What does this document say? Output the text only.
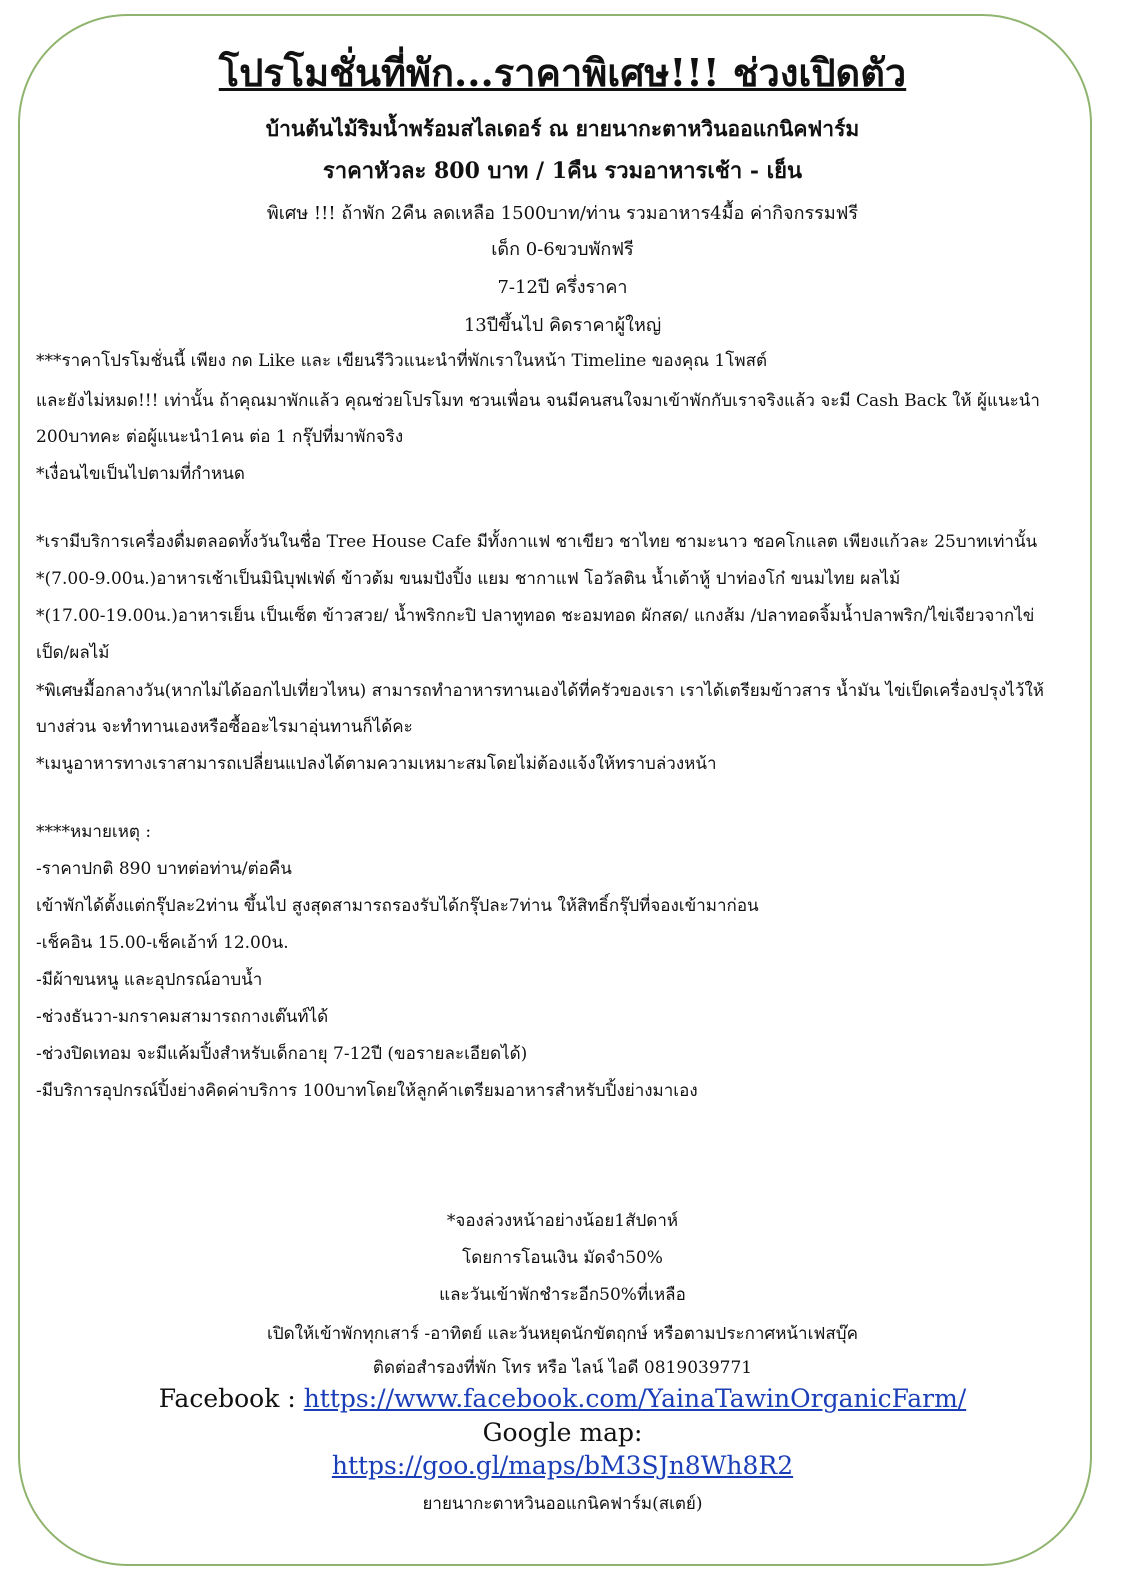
โปรโมชั่นที่พัก...ราคาพิเศษ!!! ช่วงเปิดตัว
บ้านต้นไม้ริมน้ำพร้อมสไลเดอร์ ณ ยายนากะตาหวินออแกนิคฟาร์ม
ราคาหัวละ 800 บาท / 1คืน รวมอาหารเช้า - เย็น
พิเศษ !!! ถ้าพัก 2คืน ลดเหลือ 1500บาท/ท่าน รวมอาหาร4มื้อ ค่ากิจกรรมฟรี
เด็ก 0-6ขวบพักฟรี
7-12ปี ครึ่งราคา
13ปีขึ้นไป คิดราคาผู้ใหญ่
***ราคาโปรโมชั่นนี้ เพียง กด Like และ เขียนรีวิวแนะนำที่พักเราในหน้า Timeline ของคุณ 1โพสต์
และยังไม่หมด!!! เท่านั้น ถ้าคุณมาพักแล้ว คุณช่วยโปรโมท ชวนเพื่อน จนมีคนสนใจมาเข้าพักกับเราจริงแล้ว จะมี Cash Back ให้ ผู้แนะนำ
200บาทคะ ต่อผู้แนะนำ1คน ต่อ 1 กรุ๊ปที่มาพักจริง
*เงื่อนไขเป็นไปตามที่กำหนด
*เรามีบริการเครื่องดื่มตลอดทั้งวันในชื่อ Tree House Cafe มีทั้งกาแฟ ชาเขียว ชาไทย ชามะนาว ชอคโกแลต เพียงแก้วละ 25บาทเท่านั้น
*(7.00-9.00น.)อาหารเช้าเป็นมินิบุฟเฟ่ต์ ข้าวต้ม ขนมปังปิ้ง แยม ชากาแฟ โอวัลติน น้ำเต้าหู้ ปาท่องโก๋ ขนมไทย ผลไม้
*(17.00-19.00น.)อาหารเย็น เป็นเซ็ต ข้าวสวย/ น้ำพริกกะปิ ปลาทูทอด ชะอมทอด ผักสด/ แกงส้ม /ปลาทอดจิ้มน้ำปลาพริก/ไข่เจียวจากไข่
เป็ด/ผลไม้
*พิเศษมื้อกลางวัน(หากไม่ได้ออกไปเที่ยวไหน) สามารถทำอาหารทานเองได้ที่ครัวของเรา เราได้เตรียมข้าวสาร น้ำมัน ไข่เป็ดเครื่องปรุงไว้ให้
บางส่วน จะทำทานเองหรือซื้ออะไรมาอุ่นทานก็ได้คะ
*เมนูอาหารทางเราสามารถเปลี่ยนแปลงได้ตามความเหมาะสมโดยไม่ต้องแจ้งให้ทราบล่วงหน้า
****หมายเหตุ :
-ราคาปกติ 890 บาทต่อท่าน/ต่อคืน
เข้าพักได้ตั้งแต่กรุ๊ปละ2ท่าน ขึ้นไป สูงสุดสามารถรองรับได้กรุ๊ปละ7ท่าน ให้สิทธิ์กรุ๊ปที่จองเข้ามาก่อน
-เช็คอิน 15.00-เช็คเอ้าท์ 12.00น.
-มีผ้าขนหนู และอุปกรณ์อาบน้ำ
-ช่วงธันวา-มกราคมสามารถกางเต๊นท์ได้
-ช่วงปิดเทอม จะมีแค้มปิ้งสำหรับเด็กอายุ 7-12ปี (ขอรายละเอียดได้)
-มีบริการอุปกรณ์ปิ้งย่างคิดค่าบริการ 100บาทโดยให้ลูกค้าเตรียมอาหารสำหรับปิ้งย่างมาเอง
*จองล่วงหน้าอย่างน้อย1สัปดาห์
โดยการโอนเงิน มัดจำ50%
และวันเข้าพักชำระอีก50%ที่เหลือ
เปิดให้เข้าพักทุกเสาร์ -อาทิตย์ และวันหยุดนักขัตฤกษ์ หรือตามประกาศหน้าเฟสบุ๊ค
ติดต่อสำรองที่พัก โทร หรือ ไลน์ ไอดี 0819039771
Facebook : https://www.facebook.com/YainaTawinOrganicFarm/
Google map:
https://goo.gl/maps/bM3SJn8Wh8R2
ยายนากะตาหวินออแกนิคฟาร์ม(สเตย์)
